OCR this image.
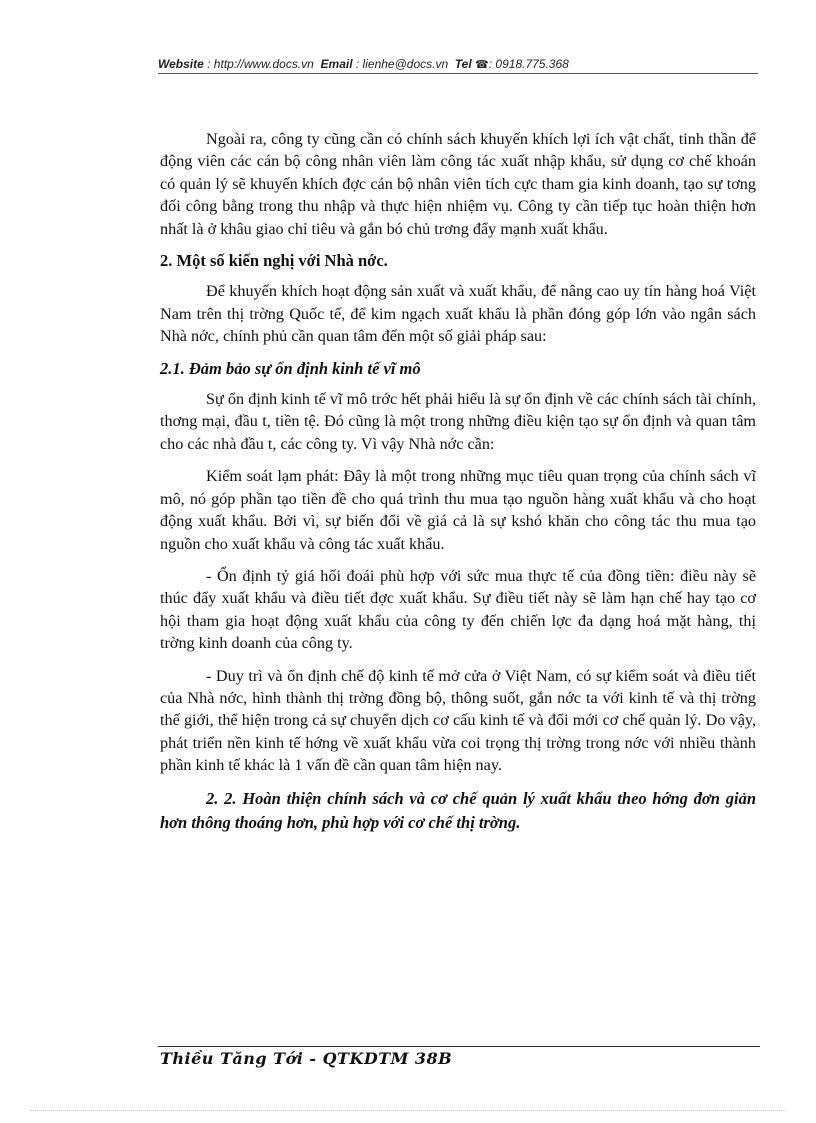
Website : http://www.docs.vn Email : lienhe@docs.vn Tel ☎: 0918.775.368

Ngoài ra, công ty cũng cần có chính sách khuyến khích lợi ích vật chất, tinh thần để động viên các cán bộ công nhân viên làm công tác xuất nhập khẩu, sử dụng cơ chế khoán có quản lý sẽ khuyến khích đợc cán bộ nhân viên tích cực tham gia kinh doanh, tạo sự tơng đối công bằng trong thu nhập và thực hiện nhiệm vụ. Công ty cần tiếp tục hoàn thiện hơn nhất là ở khâu giao chỉ tiêu và gắn bó chủ trơng đẩy mạnh xuất khẩu.

2. Một số kiến nghị với Nhà nớc.

Để khuyến khích hoạt động sản xuất và xuất khẩu, để nâng cao uy tín hàng hoá Việt Nam trên thị trờng Quốc tế, để kim ngạch xuất khẩu là phần đóng góp lớn vào ngân sách Nhà nớc, chính phủ cần quan tâm đến một số giải pháp sau:

2.1. Đảm bảo sự ổn định kinh tế vĩ mô

Sự ổn định kinh tế vĩ mô trớc hết phải hiểu là sự ổn định về các chính sách tài chính, thơng mại, đầu t, tiền tệ. Đó cũng là một trong những điều kiện tạo sự ổn định và quan tâm cho các nhà đầu t, các công ty. Vì vậy Nhà nớc cần:

Kiểm soát lạm phát: Đây là một trong những mục tiêu quan trọng của chính sách vĩ mô, nó góp phần tạo tiền đề cho quá trình thu mua tạo nguồn hàng xuất khẩu và cho hoạt động xuất khẩu. Bởi vì, sự biến đổi về giá cả là sự kshó khăn cho công tác thu mua tạo nguồn cho xuất khẩu và công tác xuất khẩu.

- Ổn định tỷ giá hối đoái phù hợp với sức mua thực tế của đồng tiền: điều này sẽ thúc đẩy xuất khẩu và điều tiết đợc xuất khẩu. Sự điều tiết này sẽ làm hạn chế hay tạo cơ hội tham gia hoạt động xuất khẩu của công ty đến chiến lợc đa dạng hoá mặt hàng, thị trờng kinh doanh của công ty.

- Duy trì và ổn định chế độ kinh tế mở cửa ở Việt Nam, có sự kiểm soát và điều tiết của Nhà nớc, hình thành thị trờng đồng bộ, thông suốt, gắn nớc ta với kinh tế và thị trờng thế giới, thể hiện trong cả sự chuyển dịch cơ cấu kinh tế và đổi mới cơ chế quản lý. Do vậy, phát triển nền kinh tế hớng về xuất khẩu vừa coi trọng thị trờng trong nớc với nhiều thành phần kinh tế khác là 1 vấn đề cần quan tâm hiện nay.

2. 2. Hoàn thiện chính sách và cơ chế quản lý xuất khẩu theo hớng đơn giản hơn thông thoáng hơn, phù hợp với cơ chế thị trờng.
Thiều Tăng Tới - QTKDTM 38B
